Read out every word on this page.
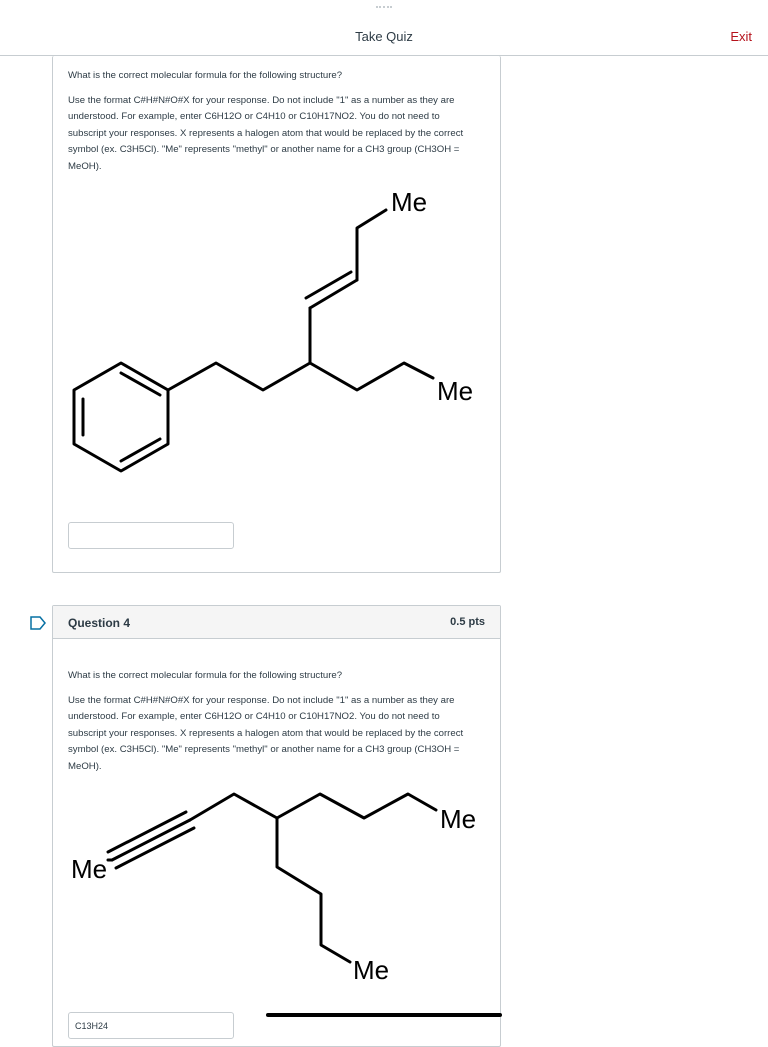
Take Quiz	Exit

What is the correct molecular formula for the following structure?

Use the format C#H#N#O#X for your response. Do not include "1" as a number as they are understood. For example, enter C6H12O or C4H10 or C10H17NO2. You do not need to subscript your responses. X represents a halogen atom that would be replaced by the correct symbol (ex. C3H5Cl). "Me" represents "methyl" or another name for a CH3 group (CH3OH = MeOH).

Question 4	0.5 pts

What is the correct molecular formula for the following structure?

Use the format C#H#N#O#X for your response. Do not include "1" as a number as they are understood. For example, enter C6H12O or C4H10 or C10H17NO2. You do not need to subscript your responses. X represents a halogen atom that would be replaced by the correct symbol (ex. C3H5Cl). "Me" represents "methyl" or another name for a CH3 group (CH3OH = MeOH).

C13H24
Me
Me
Me
Me
Me
